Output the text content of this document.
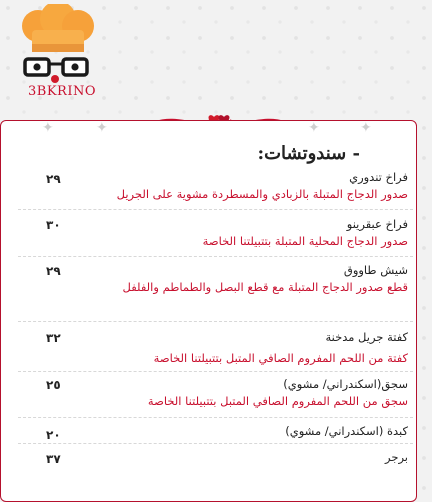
3BKRINO
✦	✦	✦	✦
- سندوتشات:
فراخ تندوري
صدور الدجاج المتبلة بالزبادي والمسطردة مشوية على الجريل
٢٩
فراخ عبقرينو
صدور الدجاج المحلية المتبلة بتتبيلتنا الخاصة
٣٠
شيش طاووق
قطع صدور الدجاج المتبلة مع قطع البصل والطماطم والفلفل
٢٩
كفتة جريل مدخنة
كفتة من اللحم المفروم الصافي المتبل بتتبيلتنا الخاصة
٣٢
سجق(اسكندراني/ مشوي)
سجق من اللحم المفروم الصافي المتبل بتتبيلتنا الخاصة
٢٥
كبدة (اسكندراني/ مشوي)
٢٠
برجر
٣٧
